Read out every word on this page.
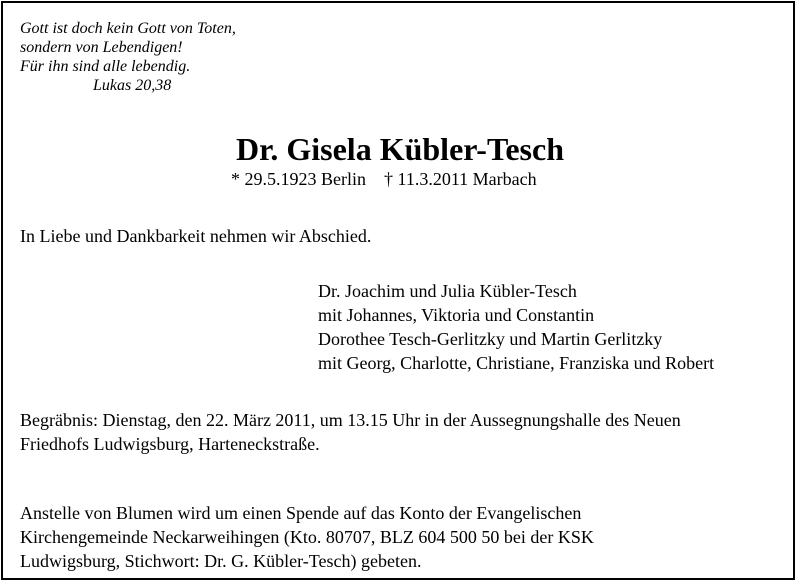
Gott ist doch kein Gott von Toten,
sondern von Lebendigen!
Für ihn sind alle lebendig.
Lukas 20,38
Dr. Gisela Kübler-Tesch
* 29.5.1923 Berlin † 11.3.2011 Marbach
In Liebe und Dankbarkeit nehmen wir Abschied.
Dr. Joachim und Julia Kübler-Tesch
mit Johannes, Viktoria und Constantin
Dorothee Tesch-Gerlitzky und Martin Gerlitzky
mit Georg, Charlotte, Christiane, Franziska und Robert
Begräbnis: Dienstag, den 22. März 2011, um 13.15 Uhr in der Aussegnungshalle des Neuen
Friedhofs Ludwigsburg, Harteneckstraße.
Anstelle von Blumen wird um einen Spende auf das Konto der Evangelischen
Kirchengemeinde Neckarweihingen (Kto. 80707, BLZ 604 500 50 bei der KSK
Ludwigsburg, Stichwort: Dr. G. Kübler-Tesch) gebeten.
